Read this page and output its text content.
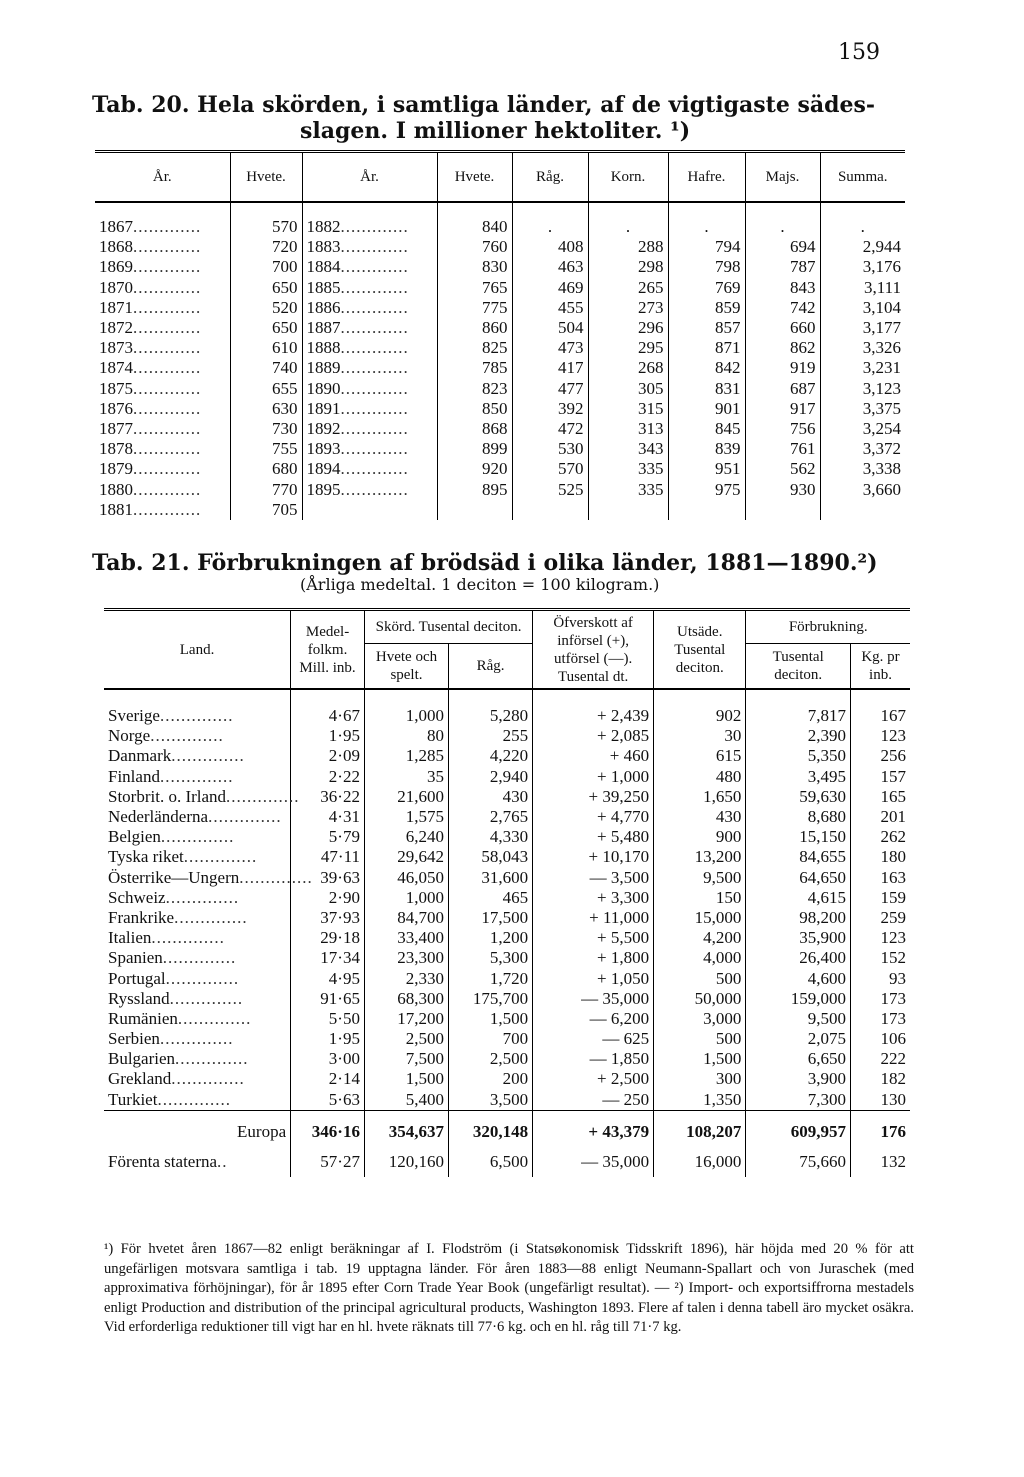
159
Tab. 20. Hela skörden, i samtliga länder, af de vigtigaste sädes-
slagen. I millioner hektoliter. ¹)
År.	Hvete.	År.	Hvete.	Råg.	Korn.	Hafre.	Majs.	Summa.
1867.............	570	1882.............	840	.	.	.	.	.
1868.............	720	1883.............	760	408	288	794	694	2,944
1869.............	700	1884.............	830	463	298	798	787	3,176
1870.............	650	1885.............	765	469	265	769	843	3,111
1871.............	520	1886.............	775	455	273	859	742	3,104
1872.............	650	1887.............	860	504	296	857	660	3,177
1873.............	610	1888.............	825	473	295	871	862	3,326
1874.............	740	1889.............	785	417	268	842	919	3,231
1875.............	655	1890.............	823	477	305	831	687	3,123
1876.............	630	1891.............	850	392	315	901	917	3,375
1877.............	730	1892.............	868	472	313	845	756	3,254
1878.............	755	1893.............	899	530	343	839	761	3,372
1879.............	680	1894.............	920	570	335	951	562	3,338
1880.............	770	1895.............	895	525	335	975	930	3,660
1881.............	705							
Tab. 21. Förbrukningen af brödsäd i olika länder, 1881—1890.²)
(Årliga medeltal. 1 deciton = 100 kilogram.)
Land.	Medel- folkm. Mill. inb.	Skörd. Tusental deciton.		Öfverskott af införsel (+), utförsel (—). Tusental dt.	Utsäde. Tusental deciton.	Förbrukning.	
		Hvete och spelt.	Råg.			Tusental deciton.	Kg. pr inb.
Sverige..............	4·67	1,000	5,280	+ 2,439	902	7,817	167
Norge..............	1·95	80	255	+ 2,085	30	2,390	123
Danmark..............	2·09	1,285	4,220	+ 460	615	5,350	256
Finland..............	2·22	35	2,940	+ 1,000	480	3,495	157
Storbrit. o. Irland..............	36·22	21,600	430	+ 39,250	1,650	59,630	165
Nederländerna..............	4·31	1,575	2,765	+ 4,770	430	8,680	201
Belgien..............	5·79	6,240	4,330	+ 5,480	900	15,150	262
Tyska riket..............	47·11	29,642	58,043	+ 10,170	13,200	84,655	180
Österrike—Ungern..............	39·63	46,050	31,600	— 3,500	9,500	64,650	163
Schweiz..............	2·90	1,000	465	+ 3,300	150	4,615	159
Frankrike..............	37·93	84,700	17,500	+ 11,000	15,000	98,200	259
Italien..............	29·18	33,400	1,200	+ 5,500	4,200	35,900	123
Spanien..............	17·34	23,300	5,300	+ 1,800	4,000	26,400	152
Portugal..............	4·95	2,330	1,720	+ 1,050	500	4,600	93
Ryssland..............	91·65	68,300	175,700	— 35,000	50,000	159,000	173
Rumänien..............	5·50	17,200	1,500	— 6,200	3,000	9,500	173
Serbien..............	1·95	2,500	700	— 625	500	2,075	106
Bulgarien..............	3·00	7,500	2,500	— 1,850	1,500	6,650	222
Grekland..............	2·14	1,500	200	+ 2,500	300	3,900	182
Turkiet..............	5·63	5,400	3,500	— 250	1,350	7,300	130
Europa	346·16	354,637	320,148	+ 43,379	108,207	609,957	176
Förenta staterna..	57·27	120,160	6,500	— 35,000	16,000	75,660	132
¹) För hvetet åren 1867—82 enligt beräkningar af I. Flodström (i Statsøkonomisk Tidsskrift 1896), här höjda med 20 % för att ungefärligen motsvara samtliga i tab. 19 upptagna länder. För åren 1883—88 enligt Neumann-Spallart och von Juraschek (med approximativa förhöjningar), för år 1895 efter Corn Trade Year Book (ungefärligt resultat). — ²) Import- och exportsiffrorna mestadels enligt Production and distribution of the principal agricultural products, Washington 1893. Flere af talen i denna tabell äro mycket osäkra. Vid erforderliga reduktioner till vigt har en hl. hvete räknats till 77·6 kg. och en hl. råg till 71·7 kg.
